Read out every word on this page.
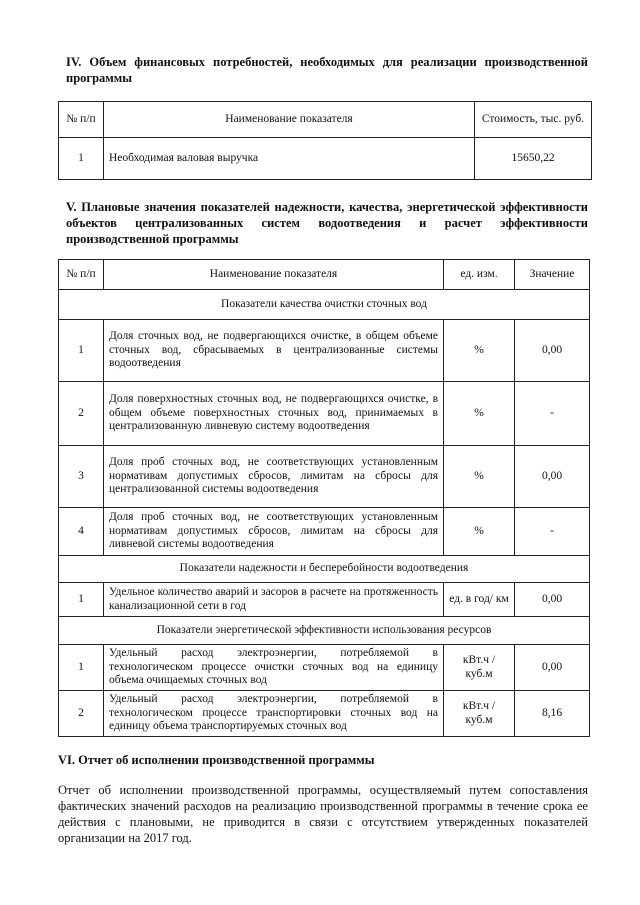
IV. Объем финансовых потребностей, необходимых для реализации производственной программы
№ п/п	Наименование показателя	Стоимость, тыс. руб.
1	Необходимая валовая выручка	15650,22
V. Плановые значения показателей надежности, качества, энергетической эффективности объектов централизованных систем водоотведения и расчет эффективности производственной программы
№ п/п	Наименование показателя	ед. изм.	Значение
Показатели качества очистки сточных вод			
1	Доля сточных вод, не подвергающихся очистке, в общем объеме сточных вод, сбрасываемых в централизованные системы водоотведения	%	0,00
2	Доля поверхностных сточных вод, не подвергающихся очистке, в общем объеме поверхностных сточных вод, принимаемых в централизованную ливневую систему водоотведения	%	-
3	Доля проб сточных вод, не соответствующих установленным нормативам допустимых сбросов, лимитам на сбросы для централизованной системы водоотведения	%	0,00
4	Доля проб сточных вод, не соответствующих установленным нормативам допустимых сбросов, лимитам на сбросы для ливневой системы водоотведения	%	-
Показатели надежности и бесперебойности водоотведения			
1	Удельное количество аварий и засоров в расчете на протяженность канализационной сети в год	ед. в год/ км	0,00
Показатели энергетической эффективности использования ресурсов			
1	Удельный расход электроэнергии, потребляемой в технологическом процессе очистки сточных вод на единицу объема очищаемых сточных вод	кВт.ч / куб.м	0,00
2	Удельный расход электроэнергии, потребляемой в технологическом процессе транспортировки сточных вод на единицу объема транспортируемых сточных вод	кВт.ч / куб.м	8,16
VI. Отчет об исполнении производственной программы

Отчет об исполнении производственной программы, осуществляемый путем сопоставления фактических значений расходов на реализацию производственной программы в течение срока ее действия с плановыми, не приводится в связи с отсутствием утвержденных показателей организации на 2017 год.
